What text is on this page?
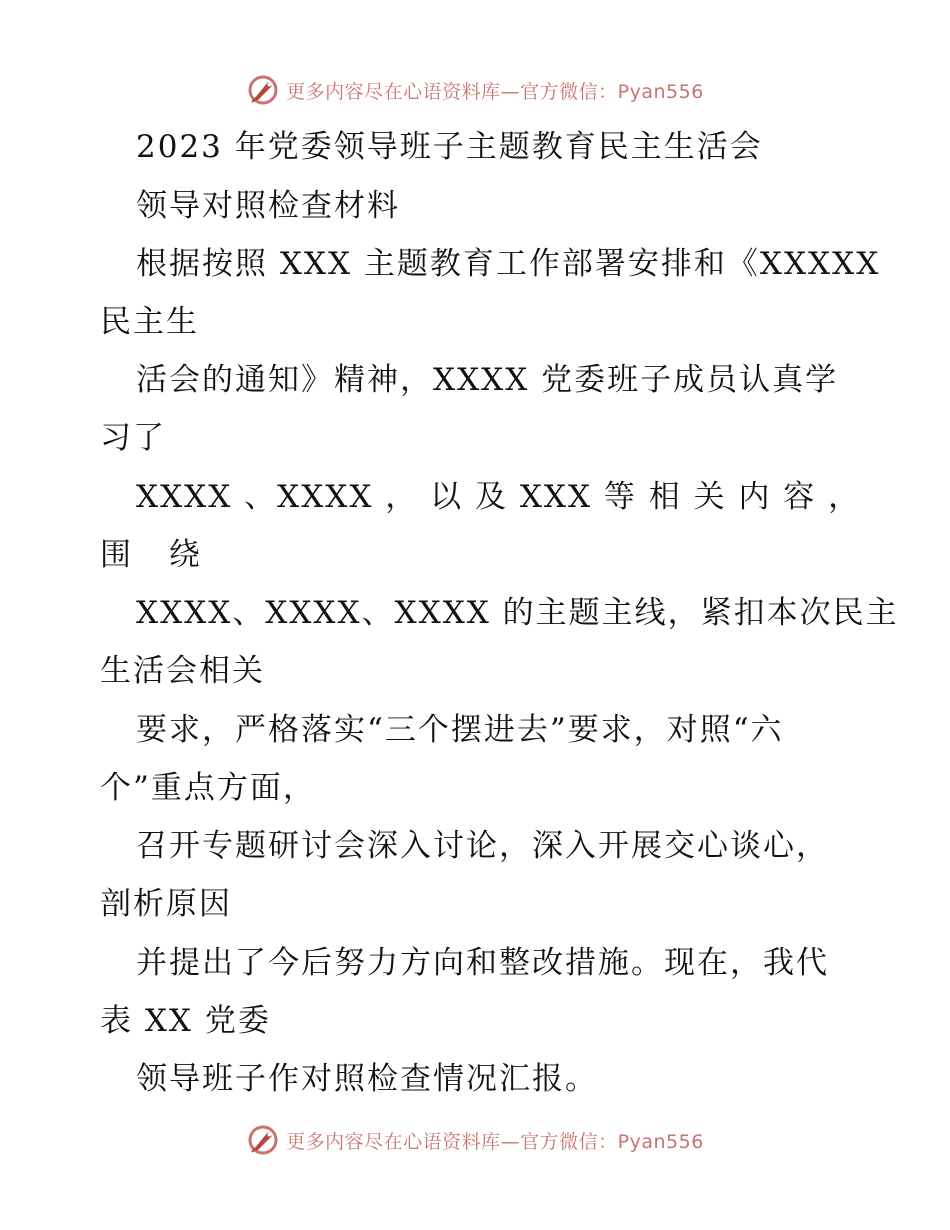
更多内容尽在心语资料库—官方微信：Pyan556
2023 年党委领导班子主题教育民主生活会
领导对照检查材料
根据按照 XXX 主题教育工作部署安排和《XXXXX
民主生
活会的通知》精神，XXXX 党委班子成员认真学
习了
XXXX 、XXXX ， 以 及 XXX 等 相 关 内 容 ，
围 绕
XXXX、XXXX、XXXX 的主题主线，紧扣本次民主
生活会相关
要求，严格落实“三个摆进去”要求，对照“六
个”重点方面，
召开专题研讨会深入讨论，深入开展交心谈心，
剖析原因
并提出了今后努力方向和整改措施。现在，我代
表 XX 党委
领导班子作对照检查情况汇报。
更多内容尽在心语资料库—官方微信：Pyan556
